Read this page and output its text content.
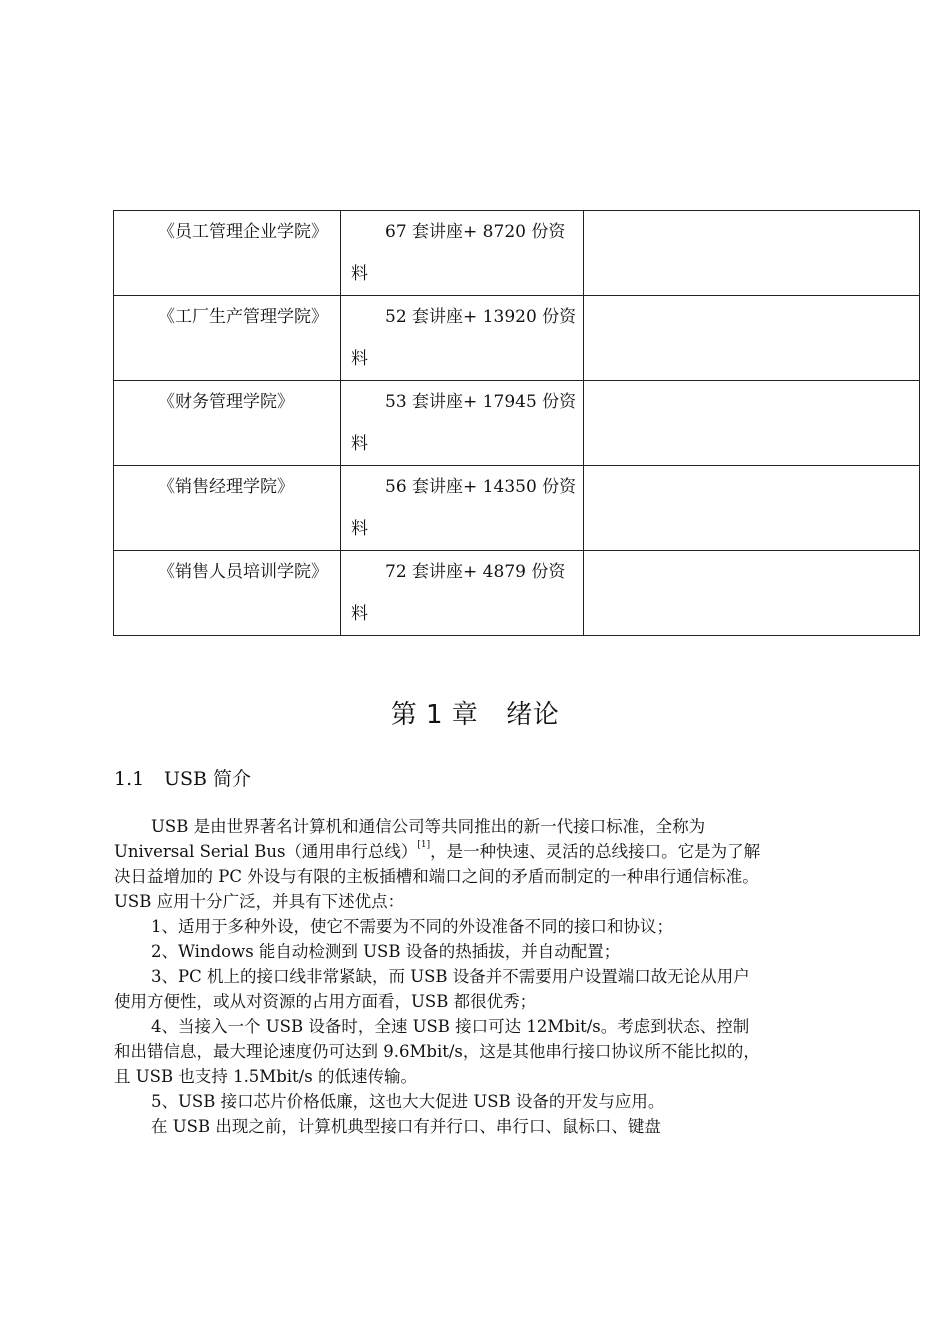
《员工管理企业学院》	67 套讲座+ 8720 份资料	
《工厂生产管理学院》	52 套讲座+ 13920 份资料	
《财务管理学院》	53 套讲座+ 17945 份资料	
《销售经理学院》	56 套讲座+ 14350 份资料	
《销售人员培训学院》	72 套讲座+ 4879 份资料	
第 1 章 绪论
1.1 USB 简介

USB 是由世界著名计算机和通信公司等共同推出的新一代接口标准，全称为 Universal Serial Bus（通用串行总线）[1]，是一种快速、灵活的总线接口。它是为了解决日益增加的 PC 外设与有限的主板插槽和端口之间的矛盾而制定的一种串行通信标准。USB 应用十分广泛，并具有下述优点：

1、适用于多种外设，使它不需要为不同的外设准备不同的接口和协议；

2、Windows 能自动检测到 USB 设备的热插拔，并自动配置；

3、PC 机上的接口线非常紧缺，而 USB 设备并不需要用户设置端口故无论从用户使用方便性，或从对资源的占用方面看，USB 都很优秀；

4、当接入一个 USB 设备时，全速 USB 接口可达 12Mbit/s。考虑到状态、控制和出错信息，最大理论速度仍可达到 9.6Mbit/s，这是其他串行接口协议所不能比拟的，且 USB 也支持 1.5Mbit/s 的低速传输。

5、USB 接口芯片价格低廉，这也大大促进 USB 设备的开发与应用。

在 USB 出现之前，计算机典型接口有并行口、串行口、鼠标口、键盘
